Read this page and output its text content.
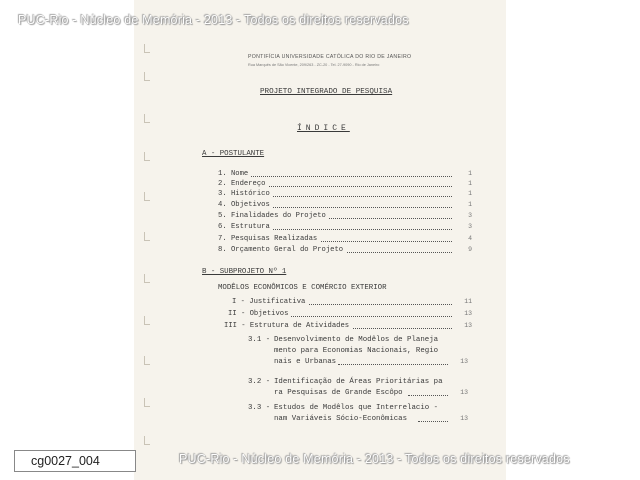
PUC-Rio - Núcleo de Memória - 2013 - Todos os direitos reservados
PONTIFÍCIA UNIVERSIDADE CATÓLICA DO RIO DE JANEIRO
Rua Marquês de São Vicente, 209/263 - ZC-20 - Tel. 27-9090 - Rio de Janeiro
PROJETO INTEGRADO DE PESQUISA
ÍNDICE
A - POSTULANTE
1. Nome	1
2. Endereço	1
3. Histórico	1
4. Objetivos	1
5. Finalidades do Projeto	3
6. Estrutura	3
7. Pesquisas Realizadas	4
8. Orçamento Geral do Projeto	9
B - SUBPROJETO Nº 1
MODÊLOS ECONÔMICOS E COMÉRCIO EXTERIOR
I - Justificativa	11
II - Objetivos	13
III - Estrutura de Atividades	13
3.1 - Desenvolvimento de Modêlos de Planeja
mento para Economias Nacionais, Regio
nais e Urbanas	13
3.2 - Identificação de Áreas Prioritárias pa
ra Pesquisas de Grande Escôpo	13
3.3 - Estudos de Modêlos que Interrelacio -
nam Variáveis Sócio-Econômicas	13
cg0027_004	PUC-Rio - Núcleo de Memória - 2013 - Todos os direitos reservados
